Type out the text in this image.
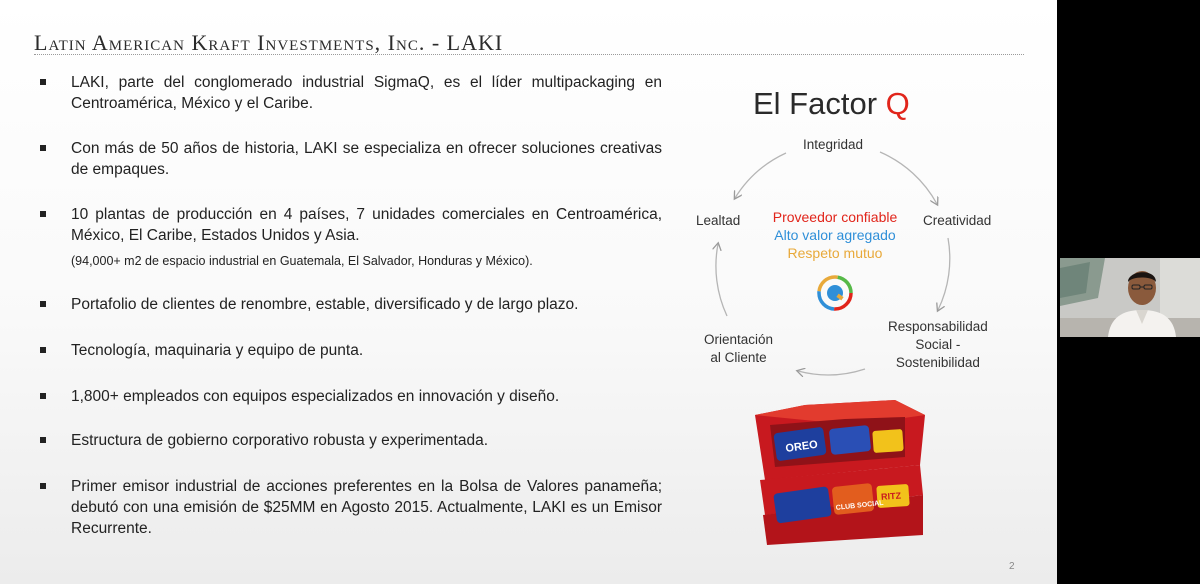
Latin American Kraft Investments, Inc. - LAKI
LAKI, parte del conglomerado industrial SigmaQ, es el líder multipackaging en Centroamérica, México y el Caribe.
Con más de 50 años de historia, LAKI se especializa en ofrecer soluciones creativas de empaques.
10 plantas de producción en 4 países, 7 unidades comerciales en Centroamérica, México, El Caribe, Estados Unidos y Asia.
(94,000+ m2 de espacio industrial en Guatemala, El Salvador, Honduras y México).
Portafolio de clientes de renombre, estable, diversificado y de largo plazo.
Tecnología, maquinaria y equipo de punta.
1,800+ empleados con equipos especializados en innovación y diseño.
Estructura de gobierno corporativo robusta y experimentada.
Primer emisor industrial de acciones preferentes en la Bolsa de Valores panameña; debutó con una emisión de $25MM en Agosto 2015. Actualmente, LAKI es un Emisor Recurrente.
El Factor Q
Integridad
Creatividad
Lealtad
Responsabilidad
Social -
Sostenibilidad
Orientación
al Cliente
Proveedor confiable
Alto valor agregado
Respeto mutuo
OREO
CLUB SOCIAL
RITZ
2
